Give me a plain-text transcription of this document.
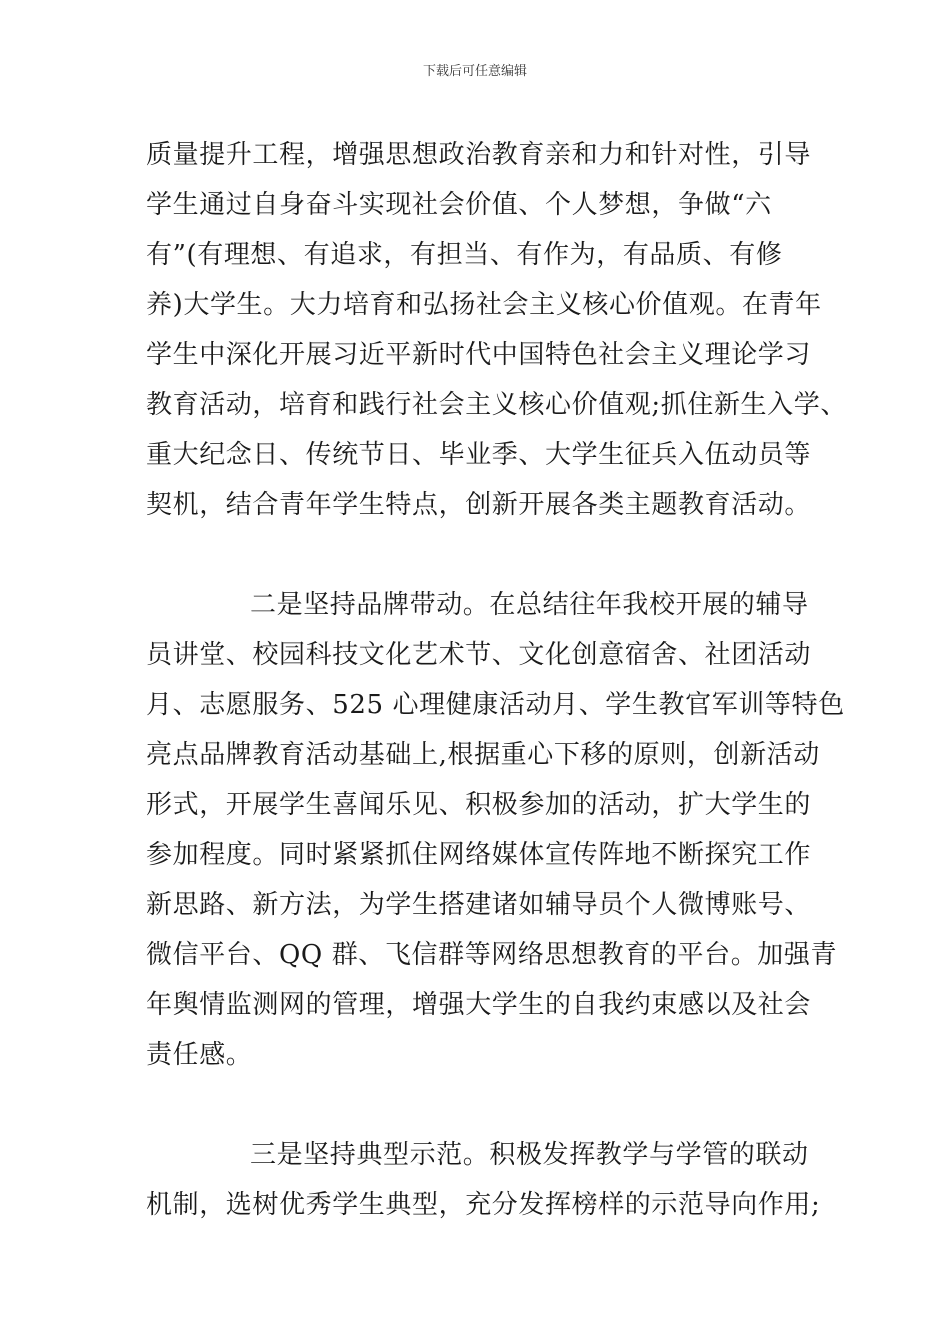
下载后可任意编辑
质量提升工程，增强思想政治教育亲和力和针对性，引导
学生通过自身奋斗实现社会价值、个人梦想，争做“六
有”(有理想、有追求，有担当、有作为，有品质、有修
养)大学生。大力培育和弘扬社会主义核心价值观。在青年
学生中深化开展习近平新时代中国特色社会主义理论学习
教育活动，培育和践行社会主义核心价值观;抓住新生入学、
重大纪念日、传统节日、毕业季、大学生征兵入伍动员等
契机，结合青年学生特点，创新开展各类主题教育活动。
二是坚持品牌带动。在总结往年我校开展的辅导
员讲堂、校园科技文化艺术节、文化创意宿舍、社团活动
月、志愿服务、525 心理健康活动月、学生教官军训等特色
亮点品牌教育活动基础上,根据重心下移的原则，创新活动
形式，开展学生喜闻乐见、积极参加的活动，扩大学生的
参加程度。同时紧紧抓住网络媒体宣传阵地不断探究工作
新思路、新方法，为学生搭建诸如辅导员个人微博账号、
微信平台、QQ 群、飞信群等网络思想教育的平台。加强青
年舆情监测网的管理，增强大学生的自我约束感以及社会
责任感。
三是坚持典型示范。积极发挥教学与学管的联动
机制，选树优秀学生典型，充分发挥榜样的示范导向作用;
